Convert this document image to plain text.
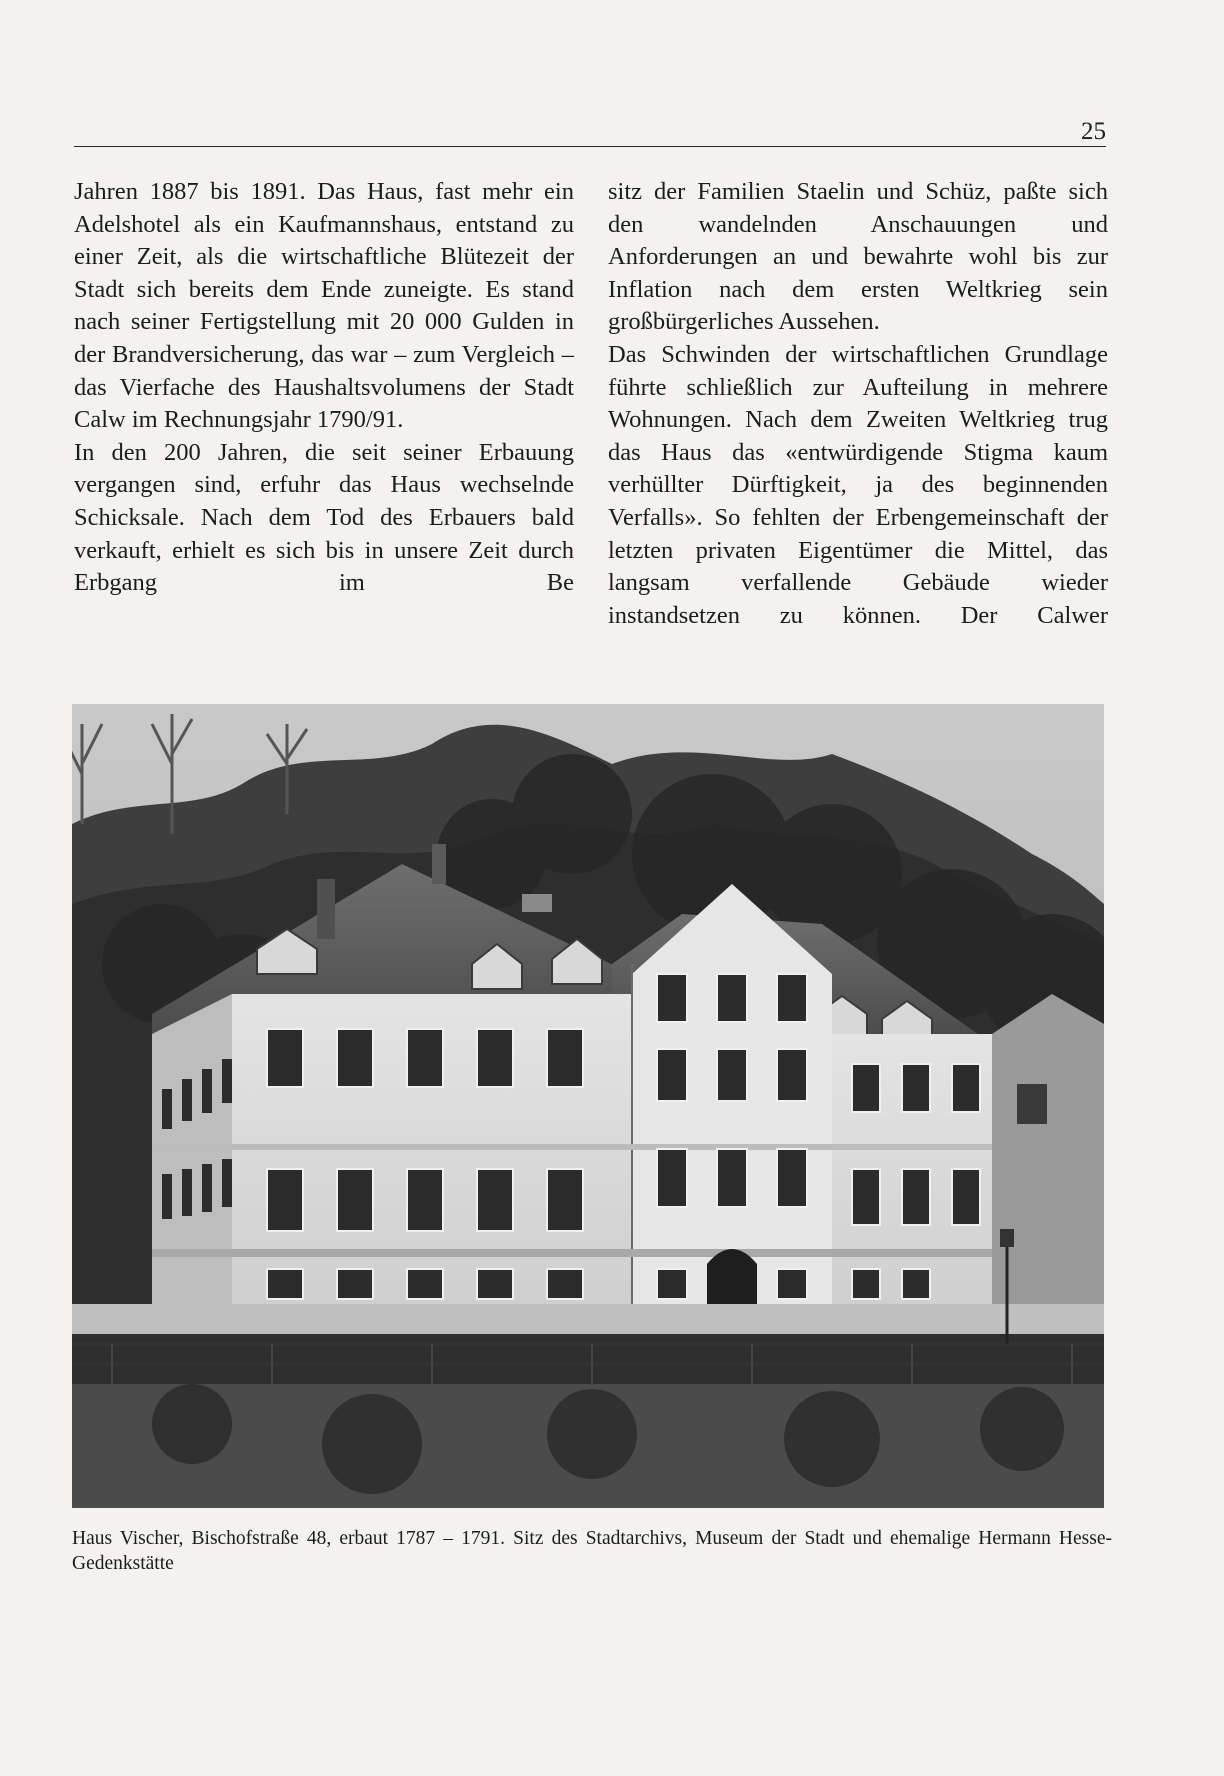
25

Jahren 1887 bis 1891. Das Haus, fast mehr ein Adelshotel als ein Kaufmannshaus, entstand zu einer Zeit, als die wirtschaftliche Blütezeit der Stadt sich bereits dem Ende zuneigte. Es stand nach seiner Fertigstellung mit 20 000 Gulden in der Brandversicherung, das war – zum Vergleich – das Vierfache des Haushaltsvolumens der Stadt Calw im Rechnungsjahr 1790/91.

In den 200 Jahren, die seit seiner Erbauung vergangen sind, erfuhr das Haus wechselnde Schicksale. Nach dem Tod des Erbauers bald verkauft, erhielt es sich bis in unsere Zeit durch Erbgang im Be

sitz der Familien Staelin und Schüz, paßte sich den wandelnden Anschauungen und Anforderungen an und bewahrte wohl bis zur Inflation nach dem ersten Weltkrieg sein großbürgerliches Aussehen.

Das Schwinden der wirtschaftlichen Grundlage führte schließlich zur Aufteilung in mehrere Wohnungen. Nach dem Zweiten Weltkrieg trug das Haus das «entwürdigende Stigma kaum verhüllter Dürftigkeit, ja des beginnenden Verfalls». So fehlten der Erbengemeinschaft der letzten privaten Eigentümer die Mittel, das langsam verfallende Gebäude wieder instandsetzen zu können. Der Calwer

Haus Vischer, Bischofstraße 48, erbaut 1787 – 1791. Sitz des Stadtarchivs, Museum der Stadt und ehemalige Hermann Hesse-Gedenkstätte
